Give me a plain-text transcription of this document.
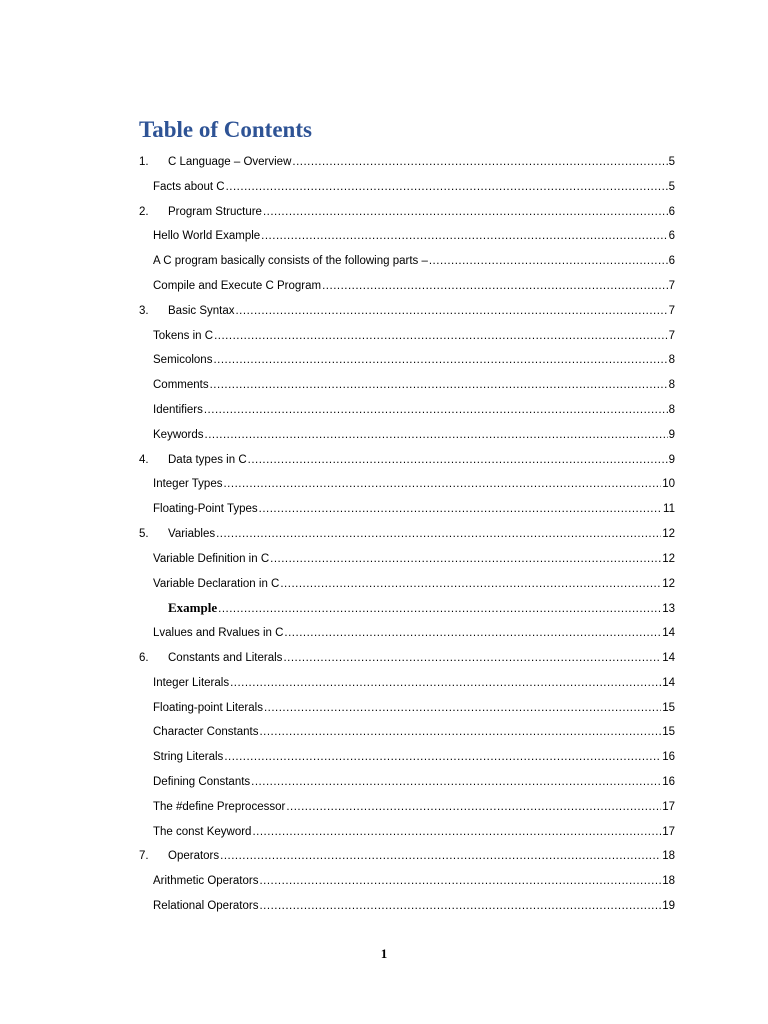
Table of Contents
1.	C Language – Overview .....	5
Facts about C .....	5
2.	Program Structure .....	6
Hello World Example .....	6
A C program basically consists of the following parts – .....	6
Compile and Execute C Program .....	7
3.	Basic Syntax .....	7
Tokens in C .....	7
Semicolons .....	8
Comments .....	8
Identifiers .....	8
Keywords .....	9
4.	Data types in C .....	9
Integer Types .....	10
Floating-Point Types .....	11
5.	Variables .....	12
Variable Definition in C .....	12
Variable Declaration in C .....	12
Example .....	13
Lvalues and Rvalues in C .....	14
6.	Constants and Literals .....	14
Integer Literals .....	14
Floating-point Literals .....	15
Character Constants .....	15
String Literals .....	16
Defining Constants .....	16
The #define Preprocessor .....	17
The const Keyword .....	17
7.	Operators .....	18
Arithmetic Operators .....	18
Relational Operators .....	19
1
